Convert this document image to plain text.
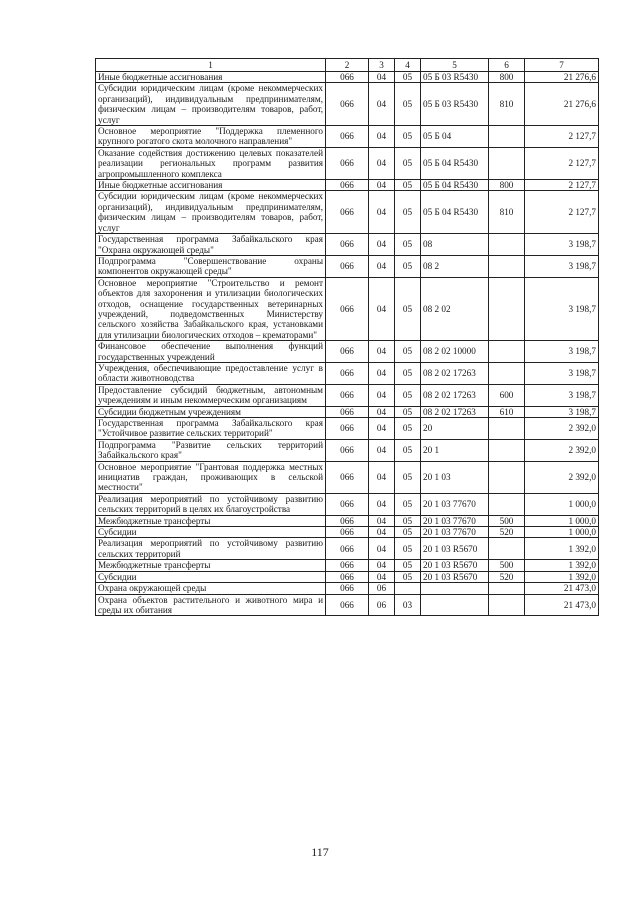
1	2	3	4	5	6	7
Иные бюджетные ассигнования	066	04	05	05 Б 03 R5430	800	21 276,6
Субсидии юридическим лицам (кроме некоммерческих организаций), индивидуальным предпринимателям, физическим лицам – производителям товаров, работ, услуг	066	04	05	05 Б 03 R5430	810	21 276,6
Основное мероприятие "Поддержка племенного крупного рогатого скота молочного направления"	066	04	05	05 Б 04		2 127,7
Оказание содействия достижению целевых показателей реализации региональных программ развития агропромышленного комплекса	066	04	05	05 Б 04 R5430		2 127,7
Иные бюджетные ассигнования	066	04	05	05 Б 04 R5430	800	2 127,7
Субсидии юридическим лицам (кроме некоммерческих организаций), индивидуальным предпринимателям, физическим лицам – производителям товаров, работ, услуг	066	04	05	05 Б 04 R5430	810	2 127,7
Государственная программа Забайкальского края "Охрана окружающей среды"	066	04	05	08		3 198,7
Подпрограмма "Совершенствование охраны компонентов окружающей среды"	066	04	05	08 2		3 198,7
Основное мероприятие "Строительство и ремонт объектов для захоронения и утилизации биологических отходов, оснащение государственных ветеринарных учреждений, подведомственных Министерству сельского хозяйства Забайкальского края, установками для утилизации биологических отходов – крематорами"	066	04	05	08 2 02		3 198,7
Финансовое обеспечение выполнения функций государственных учреждений	066	04	05	08 2 02 10000		3 198,7
Учреждения, обеспечивающие предоставление услуг в области животноводства	066	04	05	08 2 02 17263		3 198,7
Предоставление субсидий бюджетным, автономным учреждениям и иным некоммерческим организациям	066	04	05	08 2 02 17263	600	3 198,7
Субсидии бюджетным учреждениям	066	04	05	08 2 02 17263	610	3 198,7
Государственная программа Забайкальского края "Устойчивое развитие сельских территорий"	066	04	05	20		2 392,0
Подпрограмма "Развитие сельских территорий Забайкальского края"	066	04	05	20 1		2 392,0
Основное мероприятие "Грантовая поддержка местных инициатив граждан, проживающих в сельской местности"	066	04	05	20 1 03		2 392,0
Реализация мероприятий по устойчивому развитию сельских территорий в целях их благоустройства	066	04	05	20 1 03 77670		1 000,0
Межбюджетные трансферты	066	04	05	20 1 03 77670	500	1 000,0
Субсидии	066	04	05	20 1 03 77670	520	1 000,0
Реализация мероприятий по устойчивому развитию сельских территорий	066	04	05	20 1 03 R5670		1 392,0
Межбюджетные трансферты	066	04	05	20 1 03 R5670	500	1 392,0
Субсидии	066	04	05	20 1 03 R5670	520	1 392,0
Охрана окружающей среды	066	06				21 473,0
Охрана объектов растительного и животного мира и среды их обитания	066	06	03			21 473,0
117
